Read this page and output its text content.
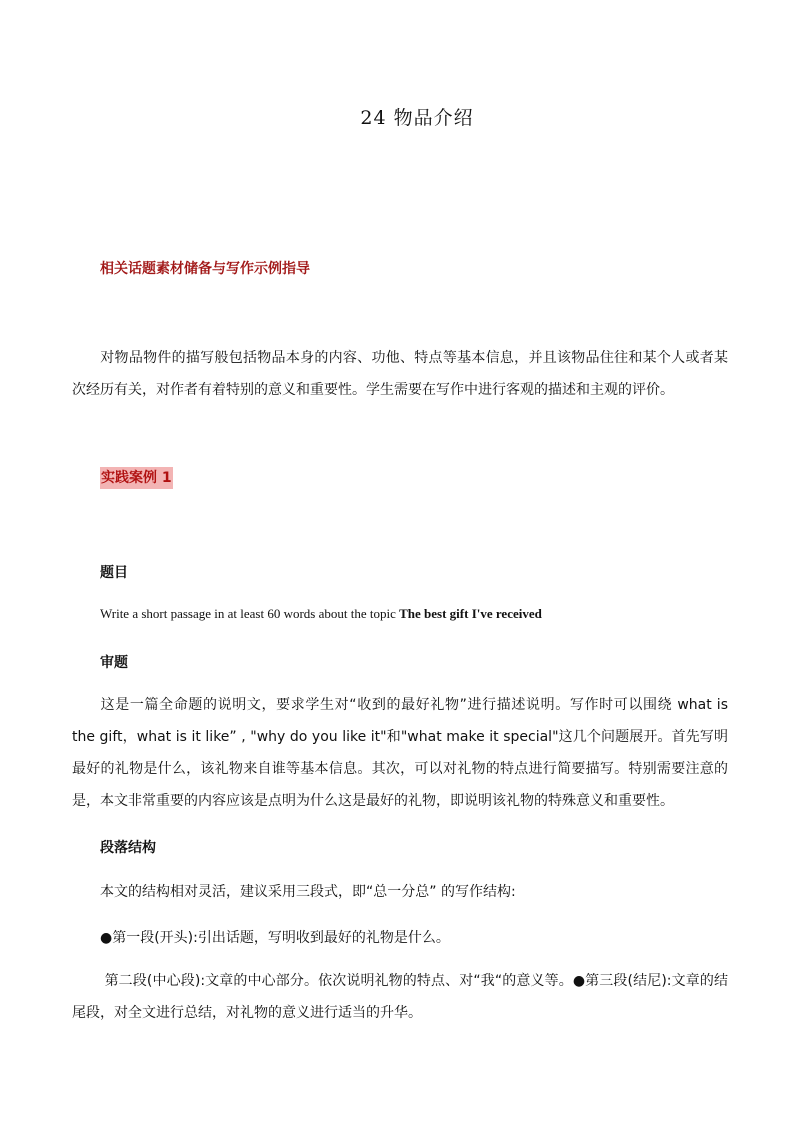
24 物品介绍
相关话题素材储备与写作示例指导
对物品物件的描写般包括物品本身的内容、功他、特点等基本信息，并且该物品住往和某个人或者某次经历有关，对作者有着特别的意义和重要性。学生需要在写作中进行客观的描述和主观的评价。
实践案例 1
题目
Write a short passage in at least 60 words about the topic The best gift I've received
审题
这是一篇全命题的说明文，要求学生对“收到的最好礼物”进行描述说明。写作时可以围绕 what is the gift，what is it like” , "why do you like it"和"what make it special"这几个问题展开。首先写明最好的礼物是什么，该礼物来自谁等基本信息。其次，可以对礼物的特点进行简要描写。特别需要注意的是，本文非常重要的内容应该是点明为什么这是最好的礼物，即说明该礼物的特殊意义和重要性。
段落结构
本文的结构相对灵活，建议采用三段式，即“总一分总” 的写作结构:
●第一段(开头):引出话题，写明收到最好的礼物是什么。
第二段(中心段):文章的中心部分。依次说明礼物的特点、对“我“的意义等。●第三段(结尼):文章的结尾段，对全文进行总结，对礼物的意义进行适当的升华。
